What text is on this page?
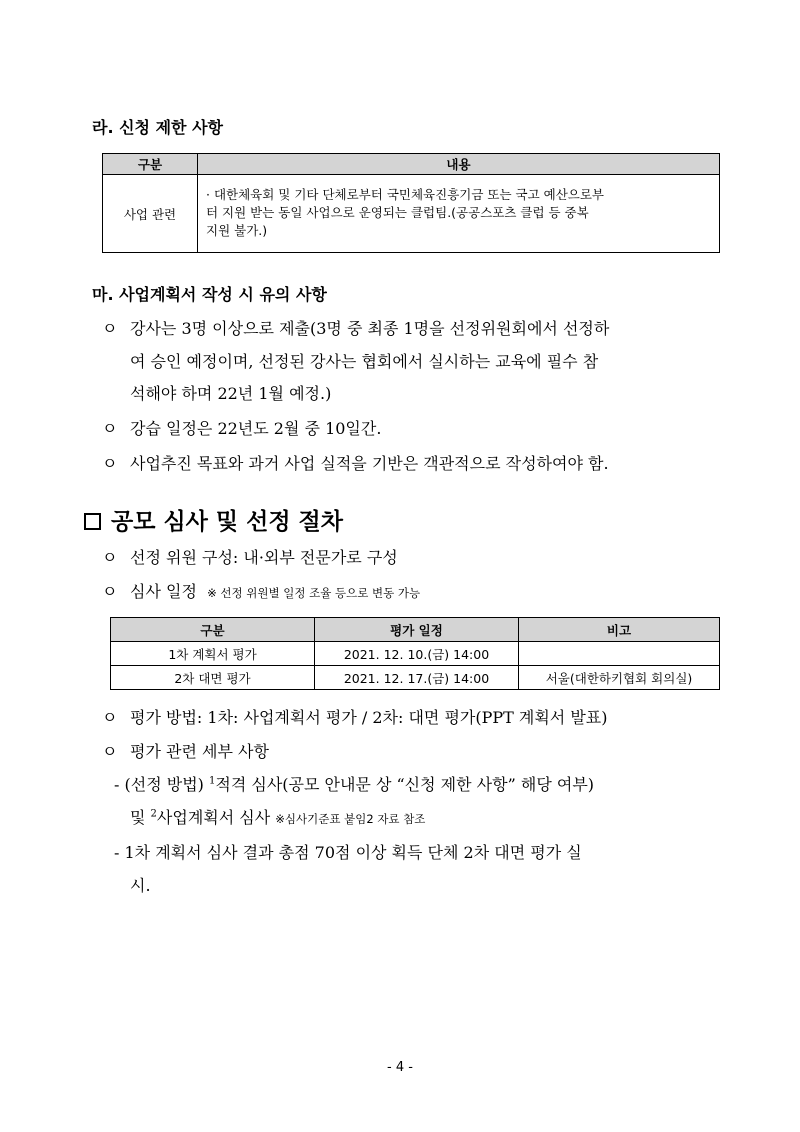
라. 신청 제한 사항
구분	내용
사업 관련	· 대한체육회 및 기타 단체로부터 국민체육진흥기금 또는 국고 예산으로부
터 지원 받는 동일 사업으로 운영되는 클럽팀.(공공스포츠 클럽 등 중복
지원 불가.)
마. 사업계획서 작성 시 유의 사항
ㅇ 강사는 3명 이상으로 제출(3명 중 최종 1명을 선정위원회에서 선정하
여 승인 예정이며, 선정된 강사는 협회에서 실시하는 교육에 필수 참
석해야 하며 22년 1월 예정.)
ㅇ 강습 일정은 22년도 2월 중 10일간.
ㅇ 사업추진 목표와 과거 사업 실적을 기반은 객관적으로 작성하여야 함.
공모 심사 및 선정 절차
ㅇ 선정 위원 구성: 내·외부 전문가로 구성
ㅇ 심사 일정 ※ 선정 위원별 일정 조율 등으로 변동 가능
구분	평가 일정	비고
1차 계획서 평가	2021. 12. 10.(금) 14:00	
2차 대면 평가	2021. 12. 17.(금) 14:00	서울(대한하키협회 회의실)
ㅇ 평가 방법: 1차: 사업계획서 평가 / 2차: 대면 평가(PPT 계획서 발표)
ㅇ 평가 관련 세부 사항
- (선정 방법) $^1$적격 심사(공모 안내문 상 “신청 제한 사항” 해당 여부)
및 $^2$사업계획서 심사 ※심사기준표 붙임2 자료 참조
- 1차 계획서 심사 결과 총점 70점 이상 획득 단체 2차 대면 평가 실
시.
- 4 -
